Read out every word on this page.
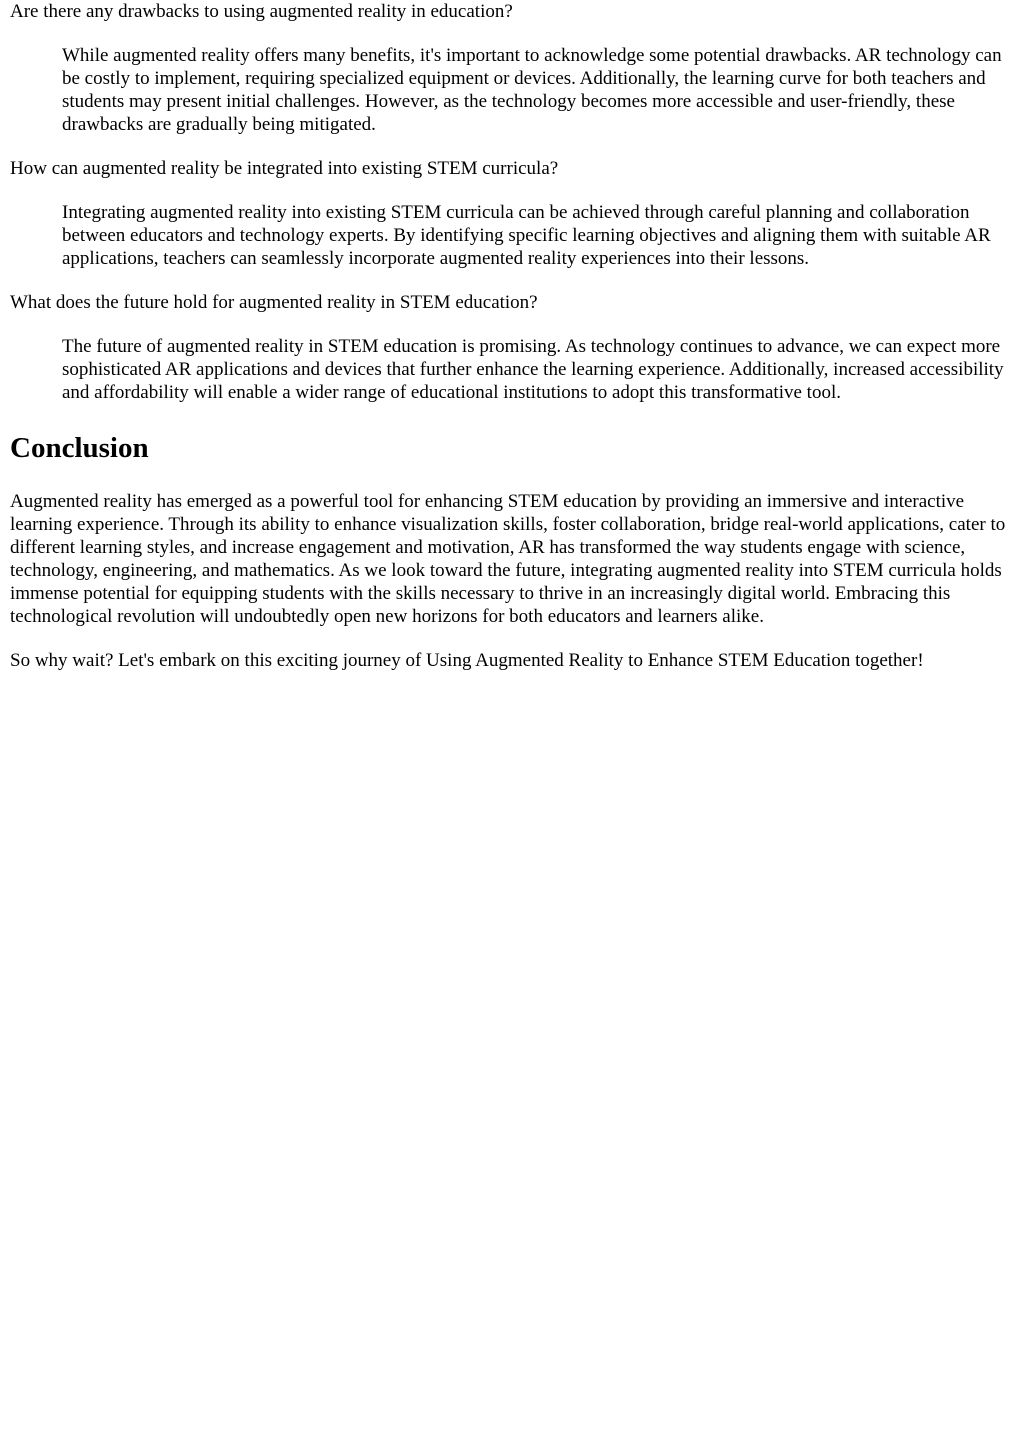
Are there any drawbacks to using augmented reality in education?
While augmented reality offers many benefits, it's important to acknowledge some potential drawbacks. AR technology can be costly to implement, requiring specialized equipment or devices. Additionally, the learning curve for both teachers and students may present initial challenges. However, as the technology becomes more accessible and user-friendly, these drawbacks are gradually being mitigated.
How can augmented reality be integrated into existing STEM curricula?
Integrating augmented reality into existing STEM curricula can be achieved through careful planning and collaboration between educators and technology experts. By identifying specific learning objectives and aligning them with suitable AR applications, teachers can seamlessly incorporate augmented reality experiences into their lessons.
What does the future hold for augmented reality in STEM education?
The future of augmented reality in STEM education is promising. As technology continues to advance, we can expect more sophisticated AR applications and devices that further enhance the learning experience. Additionally, increased accessibility and affordability will enable a wider range of educational institutions to adopt this transformative tool.
Conclusion

Augmented reality has emerged as a powerful tool for enhancing STEM education by providing an immersive and interactive learning experience. Through its ability to enhance visualization skills, foster collaboration, bridge real-world applications, cater to different learning styles, and increase engagement and motivation, AR has transformed the way students engage with science, technology, engineering, and mathematics. As we look toward the future, integrating augmented reality into STEM curricula holds immense potential for equipping students with the skills necessary to thrive in an increasingly digital world. Embracing this technological revolution will undoubtedly open new horizons for both educators and learners alike.

So why wait? Let's embark on this exciting journey of Using Augmented Reality to Enhance STEM Education together!
